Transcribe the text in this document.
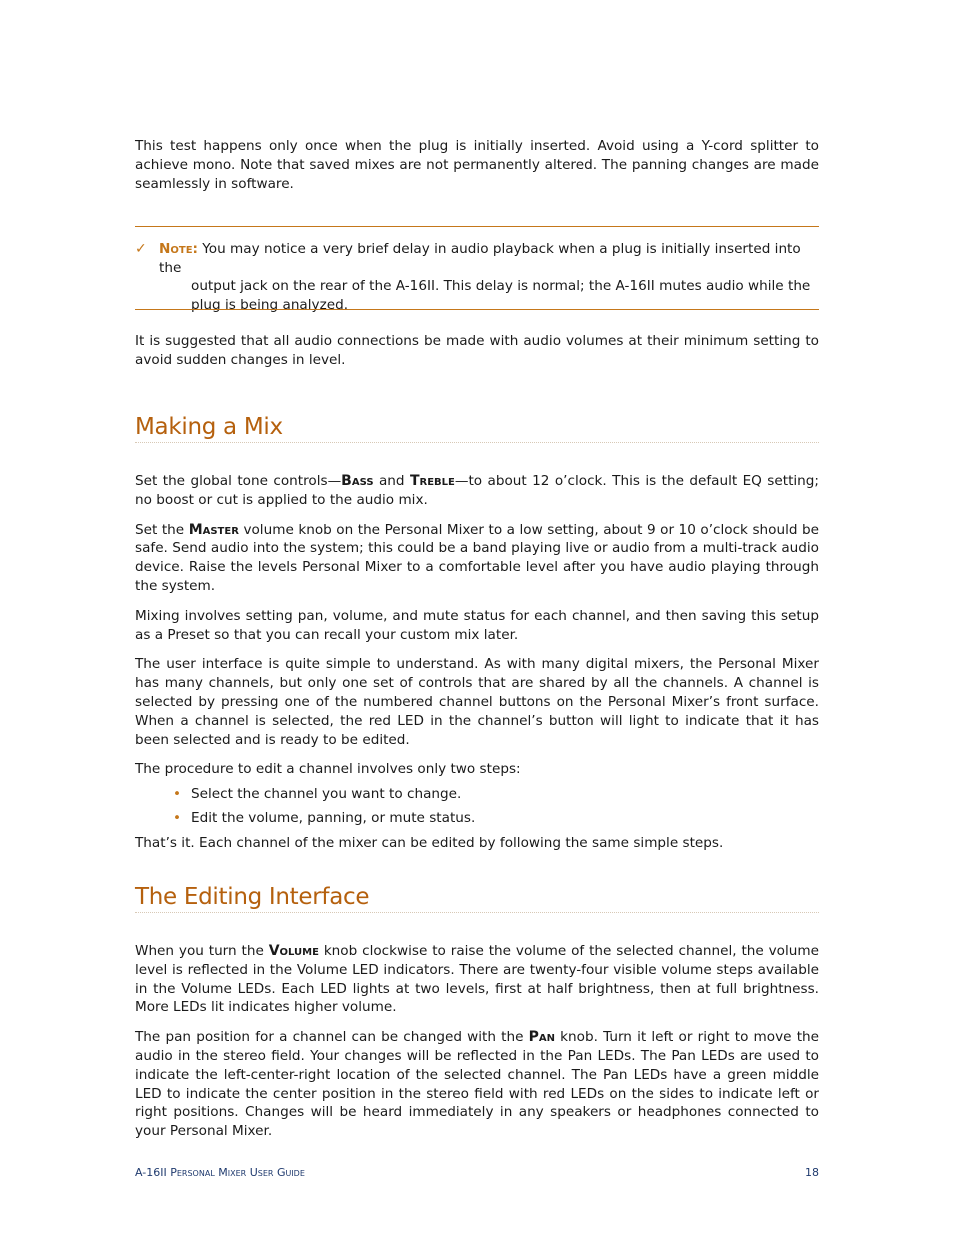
This test happens only once when the plug is initially inserted. Avoid using a Y-cord splitter to achieve mono. Note that saved mixes are not permanently altered. The panning changes are made seamlessly in software.

✓ Note: You may notice a very brief delay in audio playback when a plug is initially inserted into the
output jack on the rear of the A-16II. This delay is normal; the A-16II mutes audio while the
plug is being analyzed.

It is suggested that all audio connections be made with audio volumes at their minimum setting to avoid sudden changes in level.

Making a Mix

Set the global tone controls—Bass and Treble—to about 12 o’clock. This is the default EQ setting; no boost or cut is applied to the audio mix.

Set the Master volume knob on the Personal Mixer to a low setting, about 9 or 10 o’clock should be safe. Send audio into the system; this could be a band playing live or audio from a multi-track audio device. Raise the levels Personal Mixer to a comfortable level after you have audio playing through the system.

Mixing involves setting pan, volume, and mute status for each channel, and then saving this setup as a Preset so that you can recall your custom mix later.

The user interface is quite simple to understand. As with many digital mixers, the Personal Mixer has many channels, but only one set of controls that are shared by all the channels. A channel is selected by pressing one of the numbered channel buttons on the Personal Mixer’s front surface. When a channel is selected, the red LED in the channel’s button will light to indicate that it has been selected and is ready to be edited.

The procedure to edit a channel involves only two steps:

• Select the channel you want to change.
• Edit the volume, panning, or mute status.

That’s it. Each channel of the mixer can be edited by following the same simple steps.

The Editing Interface

When you turn the Volume knob clockwise to raise the volume of the selected channel, the volume level is reflected in the Volume LED indicators. There are twenty-four visible volume steps available in the Volume LEDs. Each LED lights at two levels, first at half brightness, then at full brightness. More LEDs lit indicates higher volume.

The pan position for a channel can be changed with the Pan knob. Turn it left or right to move the audio in the stereo field. Your changes will be reflected in the Pan LEDs. The Pan LEDs are used to indicate the left-center-right location of the selected channel. The Pan LEDs have a green middle LED to indicate the center position in the stereo field with red LEDs on the sides to indicate left or right positions. Changes will be heard immediately in any speakers or headphones connected to your Personal Mixer.

A-16II Personal Mixer User Guide	18
